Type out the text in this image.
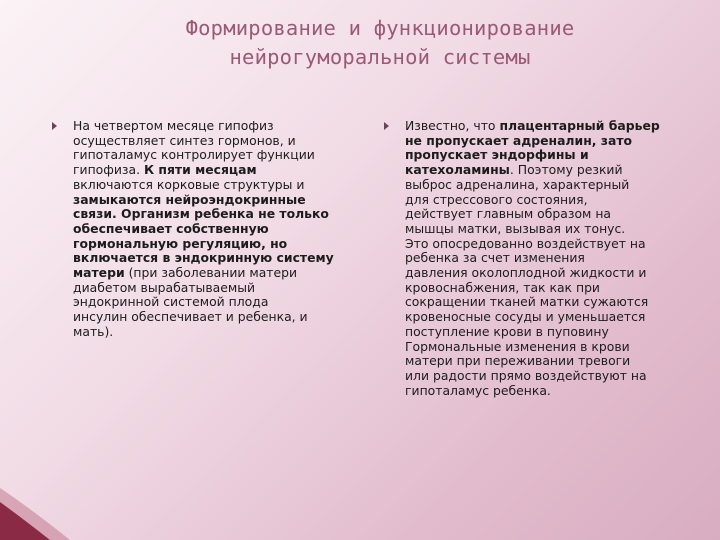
Формирование и функционирование
нейрогуморальной системы
На четвертом месяце гипофиз
осуществляет синтез гормонов, и
гипоталамус контролирует функции
гипофиза. К пяти месяцам
включаются корковые структуры и
замыкаются нейроэндокринные
связи. Организм ребенка не только
обеспечивает собственную
гормональную регуляцию, но
включается в эндокринную систему
матери (при заболевании матери
диабетом вырабатываемый
эндокринной системой плода
инсулин обеспечивает и ребенка, и
мать).
Известно, что плацентарный барьер
не пропускает адреналин, зато
пропускает эндорфины и
катехоламины. Поэтому резкий
выброс адреналина, характерный
для стрессового состояния,
действует главным образом на
мышцы матки, вызывая их тонус.
Это опосредованно воздействует на
ребенка за счет изменения
давления околоплодной жидкости и
кровоснабжения, так как при
сокращении тканей матки сужаются
кровеносные сосуды и уменьшается
поступление крови в пуповину
Гормональные изменения в крови
матери при переживании тревоги
или радости прямо воздействуют на
гипоталамус ребенка.
